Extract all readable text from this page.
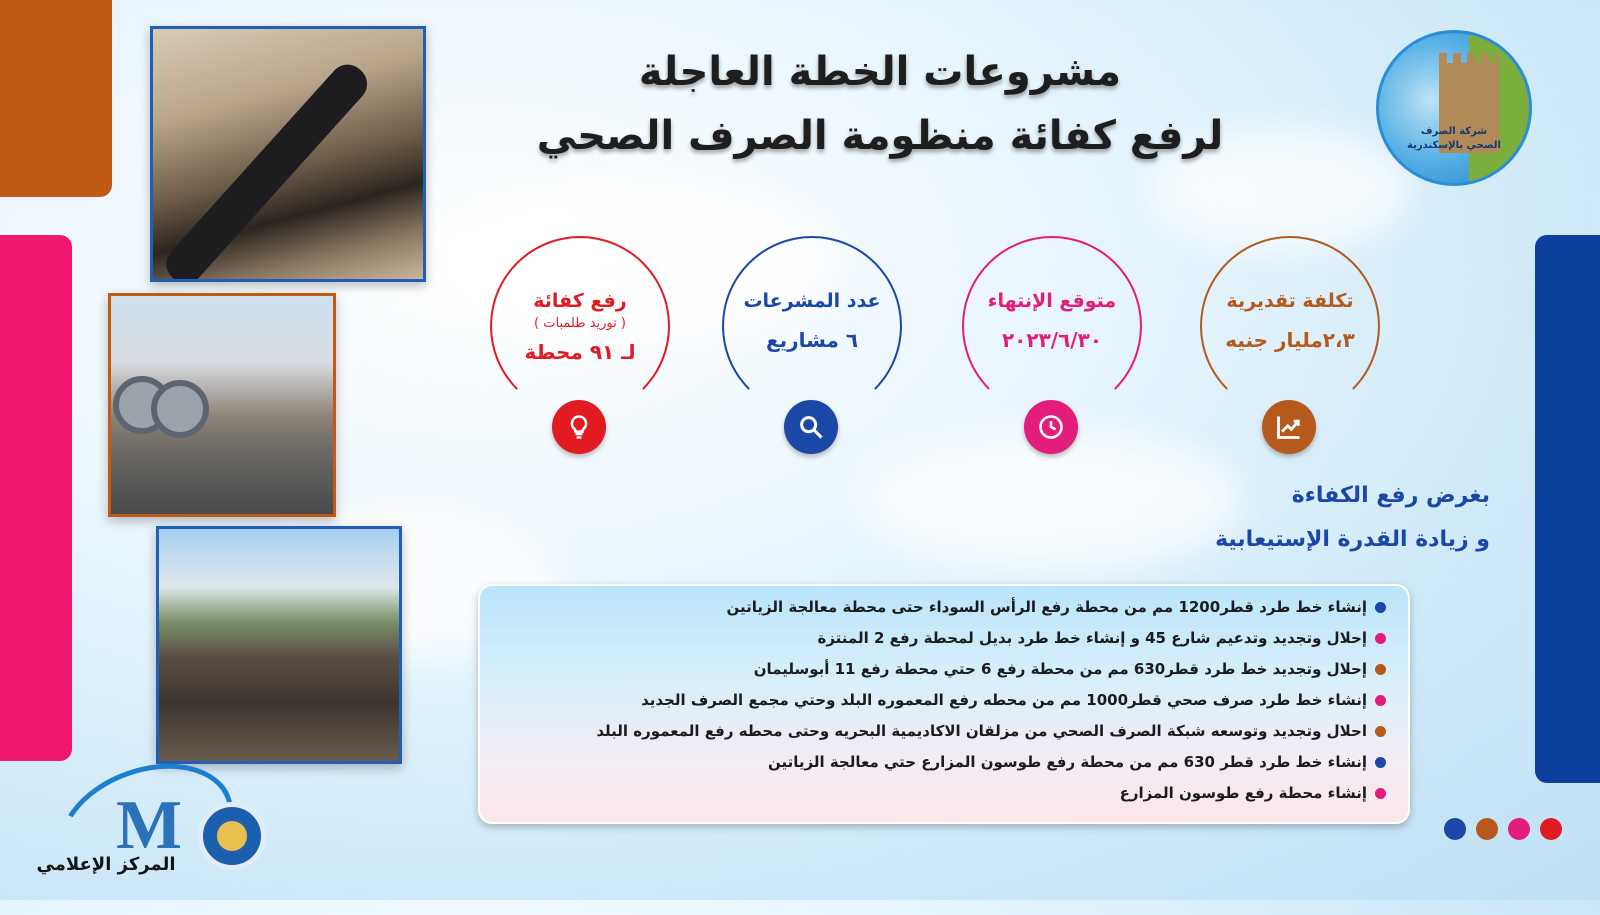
مشروعات الخطة العاجلة
لرفع كفائة منظومة الصرف الصحي	شركة الصرف
الصحي بالإسكندرية
تكلفة تقديرية
٢،٣مليار جنيه
متوقع الإنتهاء
٢٠٢٣/٦/٣٠
عدد المشرعات
٦ مشاريع
رفع كفائة
( توريد طلمبات )
لـ ٩١ محطة
بغرض رفع الكفاءة
و زيادة القدرة الإستيعابية
إنشاء خط طرد قطر1200 مم من محطة رفع الرأس السوداء حتى محطة معالجة الزياتين
إحلال وتجديد وتدعيم شارع 45 و إنشاء خط طرد بديل لمحطة رفع 2 المنتزة
إحلال وتجديد خط طرد قطر630 مم من محطة رفع 6 حتي محطة رفع 11 أبوسليمان
إنشاء خط طرد صرف صحي قطر1000 مم من محطه رفع المعموره البلد وحتي مجمع الصرف الجديد
احلال وتجديد وتوسعه شبكة الصرف الصحي من مزلقان الاكاديمية البحريه وحتى محطه رفع المعموره البلد
إنشاء خط طرد قطر 630 مم من محطة رفع طوسون المزارع حتي معالجة الزياتين
إنشاء محطة رفع طوسون المزارع
M
المركز الإعلامي
